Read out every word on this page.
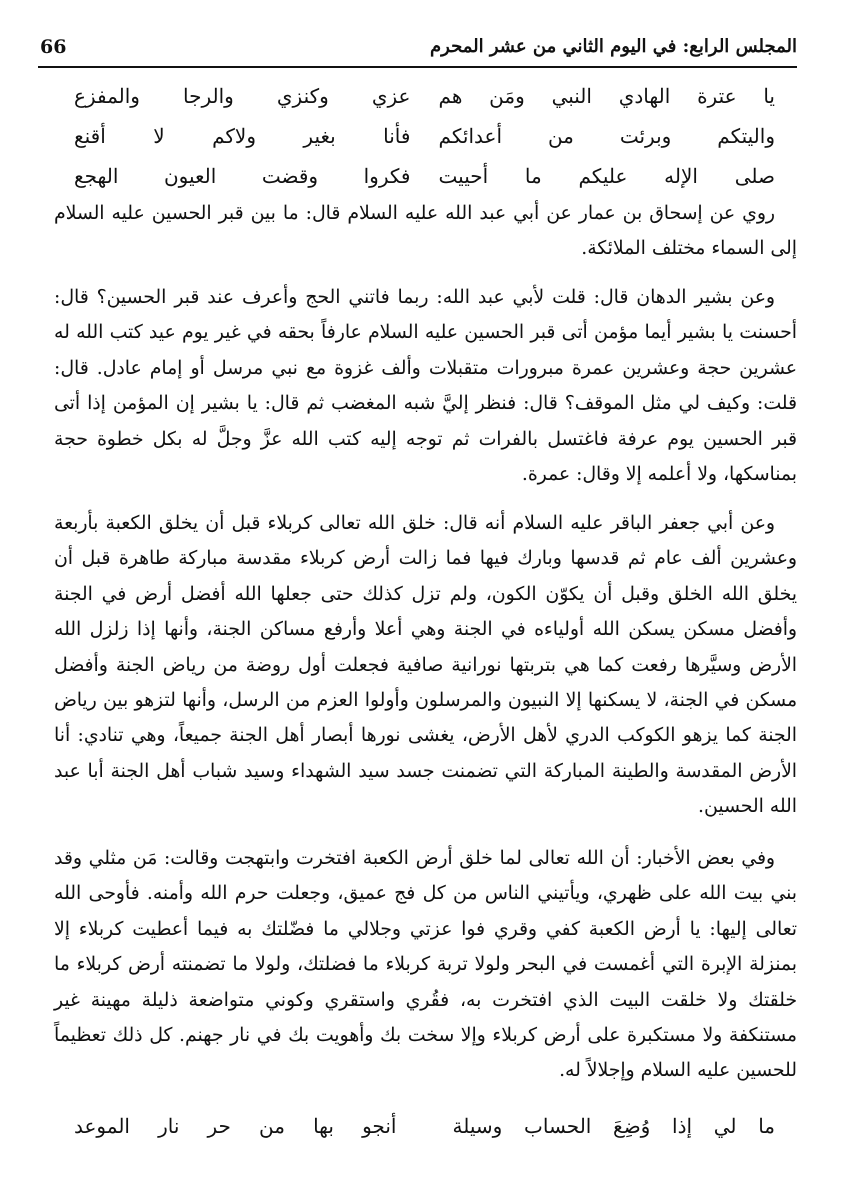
المجلس الرابع: في اليوم الثاني من عشر المحرم
66
يا عترة الهادي النبي ومَن هم
عزي وكنزي والرجا والمفزع
واليتكم وبرئت من أعدائكم
فأنا بغير ولاكم لا أقنع
صلى الإله عليكم ما أحييت
فكروا وقضت العيون الهجع

روي عن إسحاق بن عمار عن أبي عبد الله عليه السلام قال: ما بين قبر الحسين عليه السلام إلى السماء مختلف الملائكة.

وعن بشير الدهان قال: قلت لأبي عبد الله: ربما فاتني الحج وأعرف عند قبر الحسين؟ قال: أحسنت يا بشير أيما مؤمن أتى قبر الحسين عليه السلام عارفاً بحقه في غير يوم عيد كتب الله له عشرين حجة وعشرين عمرة مبرورات متقبلات وألف غزوة مع نبي مرسل أو إمام عادل. قال: قلت: وكيف لي مثل الموقف؟ قال: فنظر إليَّ شبه المغضب ثم قال: يا بشير إن المؤمن إذا أتى قبر الحسين يوم عرفة فاغتسل بالفرات ثم توجه إليه كتب الله عزَّ وجلَّ له بكل خطوة حجة بمناسكها، ولا أعلمه إلا وقال: عمرة.

وعن أبي جعفر الباقر عليه السلام أنه قال: خلق الله تعالى كربلاء قبل أن يخلق الكعبة بأربعة وعشرين ألف عام ثم قدسها وبارك فيها فما زالت أرض كربلاء مقدسة مباركة طاهرة قبل أن يخلق الله الخلق وقبل أن يكوّن الكون، ولم تزل كذلك حتى جعلها الله أفضل أرض في الجنة وأفضل مسكن يسكن الله أولياءه في الجنة وهي أعلا وأرفع مساكن الجنة، وأنها إذا زلزل الله الأرض وسيَّرها رفعت كما هي بتربتها نورانية صافية فجعلت أول روضة من رياض الجنة وأفضل مسكن في الجنة، لا يسكنها إلا النبيون والمرسلون وأولوا العزم من الرسل، وأنها لتزهو بين رياض الجنة كما يزهو الكوكب الدري لأهل الأرض، يغشى نورها أبصار أهل الجنة جميعاً، وهي تنادي: أنا الأرض المقدسة والطينة المباركة التي تضمنت جسد سيد الشهداء وسيد شباب أهل الجنة أبا عبد الله الحسين.

وفي بعض الأخبار: أن الله تعالى لما خلق أرض الكعبة افتخرت وابتهجت وقالت: مَن مثلي وقد بني بيت الله على ظهري، ويأتيني الناس من كل فج عميق، وجعلت حرم الله وأمنه. فأوحى الله تعالى إليها: يا أرض الكعبة كفي وقري فوا عزتي وجلالي ما فضّلتك به فيما أعطيت كربلاء إلا بمنزلة الإبرة التي أغمست في البحر ولولا تربة كربلاء ما فضلتك، ولولا ما تضمنته أرض كربلاء ما خلقتك ولا خلقت البيت الذي افتخرت به، فقُري واستقري وكوني متواضعة ذليلة مهينة غير مستنكفة ولا مستكبرة على أرض كربلاء وإلا سخت بك وأهويت بك في نار جهنم. كل ذلك تعظيماً للحسين عليه السلام وإجلالاً له.

ما لي إذا وُضِعَ الحساب وسيلة
أنجو بها من حر نار الموعد
